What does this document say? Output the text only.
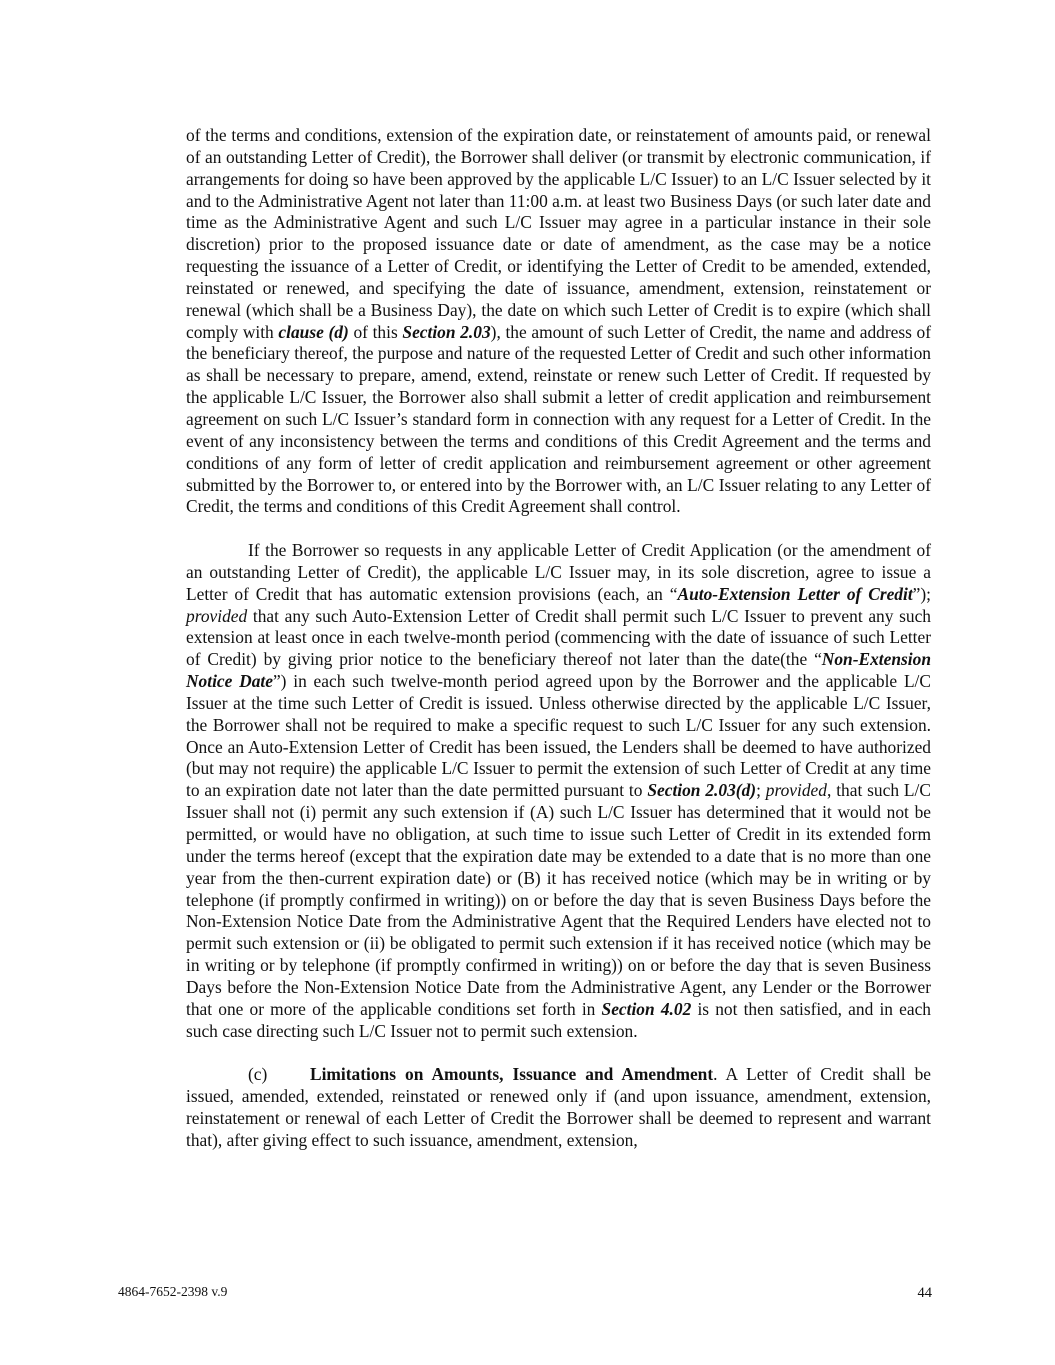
of the terms and conditions, extension of the expiration date, or reinstatement of amounts paid, or renewal of an outstanding Letter of Credit), the Borrower shall deliver (or transmit by electronic communication, if arrangements for doing so have been approved by the applicable L/C Issuer) to an L/C Issuer selected by it and to the Administrative Agent not later than 11:00 a.m. at least two Business Days (or such later date and time as the Administrative Agent and such L/C Issuer may agree in a particular instance in their sole discretion) prior to the proposed issuance date or date of amendment, as the case may be a notice requesting the issuance of a Letter of Credit, or identifying the Letter of Credit to be amended, extended, reinstated or renewed, and specifying the date of issuance, amendment, extension, reinstatement or renewal (which shall be a Business Day), the date on which such Letter of Credit is to expire (which shall comply with clause (d) of this Section 2.03), the amount of such Letter of Credit, the name and address of the beneficiary thereof, the purpose and nature of the requested Letter of Credit and such other information as shall be necessary to prepare, amend, extend, reinstate or renew such Letter of Credit. If requested by the applicable L/C Issuer, the Borrower also shall submit a letter of credit application and reimbursement agreement on such L/C Issuer’s standard form in connection with any request for a Letter of Credit. In the event of any inconsistency between the terms and conditions of this Credit Agreement and the terms and conditions of any form of letter of credit application and reimbursement agreement or other agreement submitted by the Borrower to, or entered into by the Borrower with, an L/C Issuer relating to any Letter of Credit, the terms and conditions of this Credit Agreement shall control.

If the Borrower so requests in any applicable Letter of Credit Application (or the amendment of an outstanding Letter of Credit), the applicable L/C Issuer may, in its sole discretion, agree to issue a Letter of Credit that has automatic extension provisions (each, an “Auto-Extension Letter of Credit”); provided that any such Auto-Extension Letter of Credit shall permit such L/C Issuer to prevent any such extension at least once in each twelve-month period (commencing with the date of issuance of such Letter of Credit) by giving prior notice to the beneficiary thereof not later than the date(the “Non-Extension Notice Date”) in each such twelve-month period agreed upon by the Borrower and the applicable L/C Issuer at the time such Letter of Credit is issued. Unless otherwise directed by the applicable L/C Issuer, the Borrower shall not be required to make a specific request to such L/C Issuer for any such extension. Once an Auto-Extension Letter of Credit has been issued, the Lenders shall be deemed to have authorized (but may not require) the applicable L/C Issuer to permit the extension of such Letter of Credit at any time to an expiration date not later than the date permitted pursuant to Section 2.03(d); provided, that such L/C Issuer shall not (i) permit any such extension if (A) such L/C Issuer has determined that it would not be permitted, or would have no obligation, at such time to issue such Letter of Credit in its extended form under the terms hereof (except that the expiration date may be extended to a date that is no more than one year from the then-current expiration date) or (B) it has received notice (which may be in writing or by telephone (if promptly confirmed in writing)) on or before the day that is seven Business Days before the Non-Extension Notice Date from the Administrative Agent that the Required Lenders have elected not to permit such extension or (ii) be obligated to permit such extension if it has received notice (which may be in writing or by telephone (if promptly confirmed in writing)) on or before the day that is seven Business Days before the Non-Extension Notice Date from the Administrative Agent, any Lender or the Borrower that one or more of the applicable conditions set forth in Section 4.02 is not then satisfied, and in each such case directing such L/C Issuer not to permit such extension.

(c) Limitations on Amounts, Issuance and Amendment. A Letter of Credit shall be issued, amended, extended, reinstated or renewed only if (and upon issuance, amendment, extension, reinstatement or renewal of each Letter of Credit the Borrower shall be deemed to represent and warrant that), after giving effect to such issuance, amendment, extension,

4864-7652-2398 v.9	44
